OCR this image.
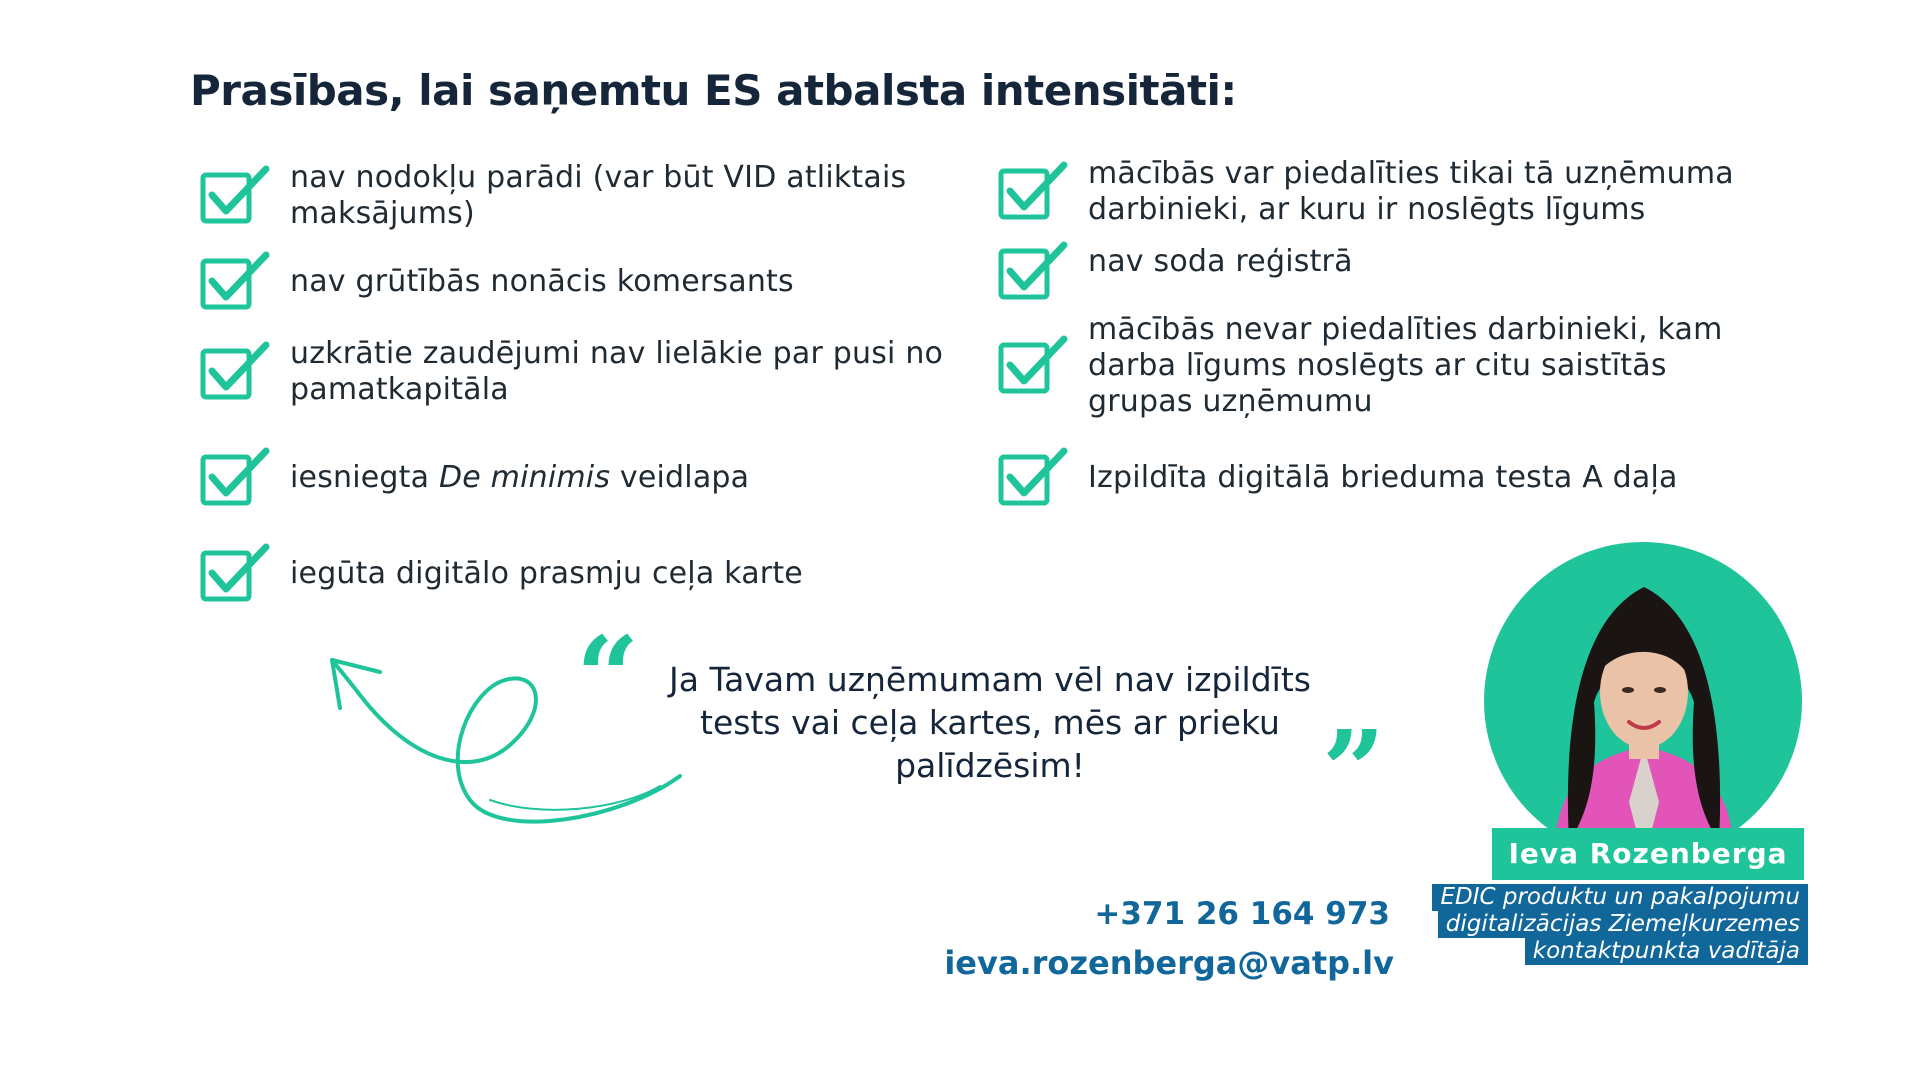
Prasības, lai saņemtu ES atbalsta intensitāti:
nav nodokļu parādi (var būt VID atliktais
maksājums)
nav grūtībās nonācis komersants
uzkrātie zaudējumi nav lielākie par pusi no
pamatkapitāla
iesniegta De minimis veidlapa
iegūta digitālo prasmju ceļa karte
mācībās var piedalīties tikai tā uzņēmuma
darbinieki, ar kuru ir noslēgts līgums
nav soda reģistrā
mācībās nevar piedalīties darbinieki, kam
darba līgums noslēgts ar citu saistītās
grupas uzņēmumu
Izpildīta digitālā brieduma testa A daļa
“ Ja Tavam uzņēmumam vēl nav izpildīts
tests vai ceļa kartes, mēs ar prieku
palīdzēsim!	”
Ieva Rozenberga
EDIC produktu un pakalpojumu
digitalizācijas Ziemeļkurzemes
kontaktpunkta vadītāja
+371 26 164 973
ieva.rozenberga@vatp.lv
